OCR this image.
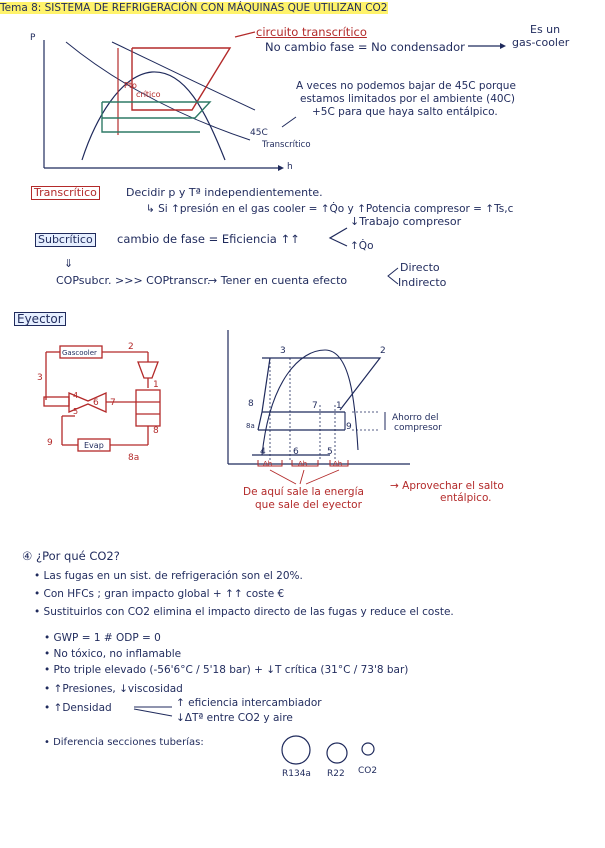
Tema 8: SISTEMA DE REFRIGERACIÓN CON MÁQUINAS QUE UTILIZAN CO2
P
h
Pto
crítico
45C
Transcrítico
circuito transcrítico
No cambio fase = No condensador
Es un
gas-cooler
A veces no podemos bajar de 45C porque
estamos limitados por el ambiente (40C)
+5C para que haya salto entálpico.
Transcrítico	Decidir p y Tª independientemente.
↳ Si ↑presión en el gas cooler = ↑Q̇o y ↑Potencia compresor = ↑Ts,c
Subcrítico cambio de fase = Eficiencia ↑↑
↓Trabajo compresor
↑Q̇o
⇓
COPsubcr. >>> COPtranscr.
→ Tener en cuenta efecto
Directo
Indirecto
Eyector
Gascooler
Evap
2
3
1
4
5
6 7
8
9
8a
3	2
8	7 1
8a	9
4	6	5
Ahorro del
compresor
Δh	Δh	Δh
De aquí sale la energía
que sale del eyector
→ Aprovechar el salto
entálpico.
④ ¿Por qué CO2?
• Las fugas en un sist. de refrigeración son el 20%.
• Con HFCs ; gran impacto global + ↑↑ coste €
• Sustituirlos con CO2 elimina el impacto directo de las fugas y reduce el coste.
• GWP = 1 # ODP = 0
• No tóxico, no inflamable
• Pto triple elevado (-56'6°C / 5'18 bar) + ↓T crítica (31°C / 73'8 bar)
• ↑Presiones, ↓viscosidad
• ↑Densidad	↑ eficiencia intercambiador
↓ΔTª entre CO2 y aire
• Diferencia secciones tuberías:
R134a R22 CO2
